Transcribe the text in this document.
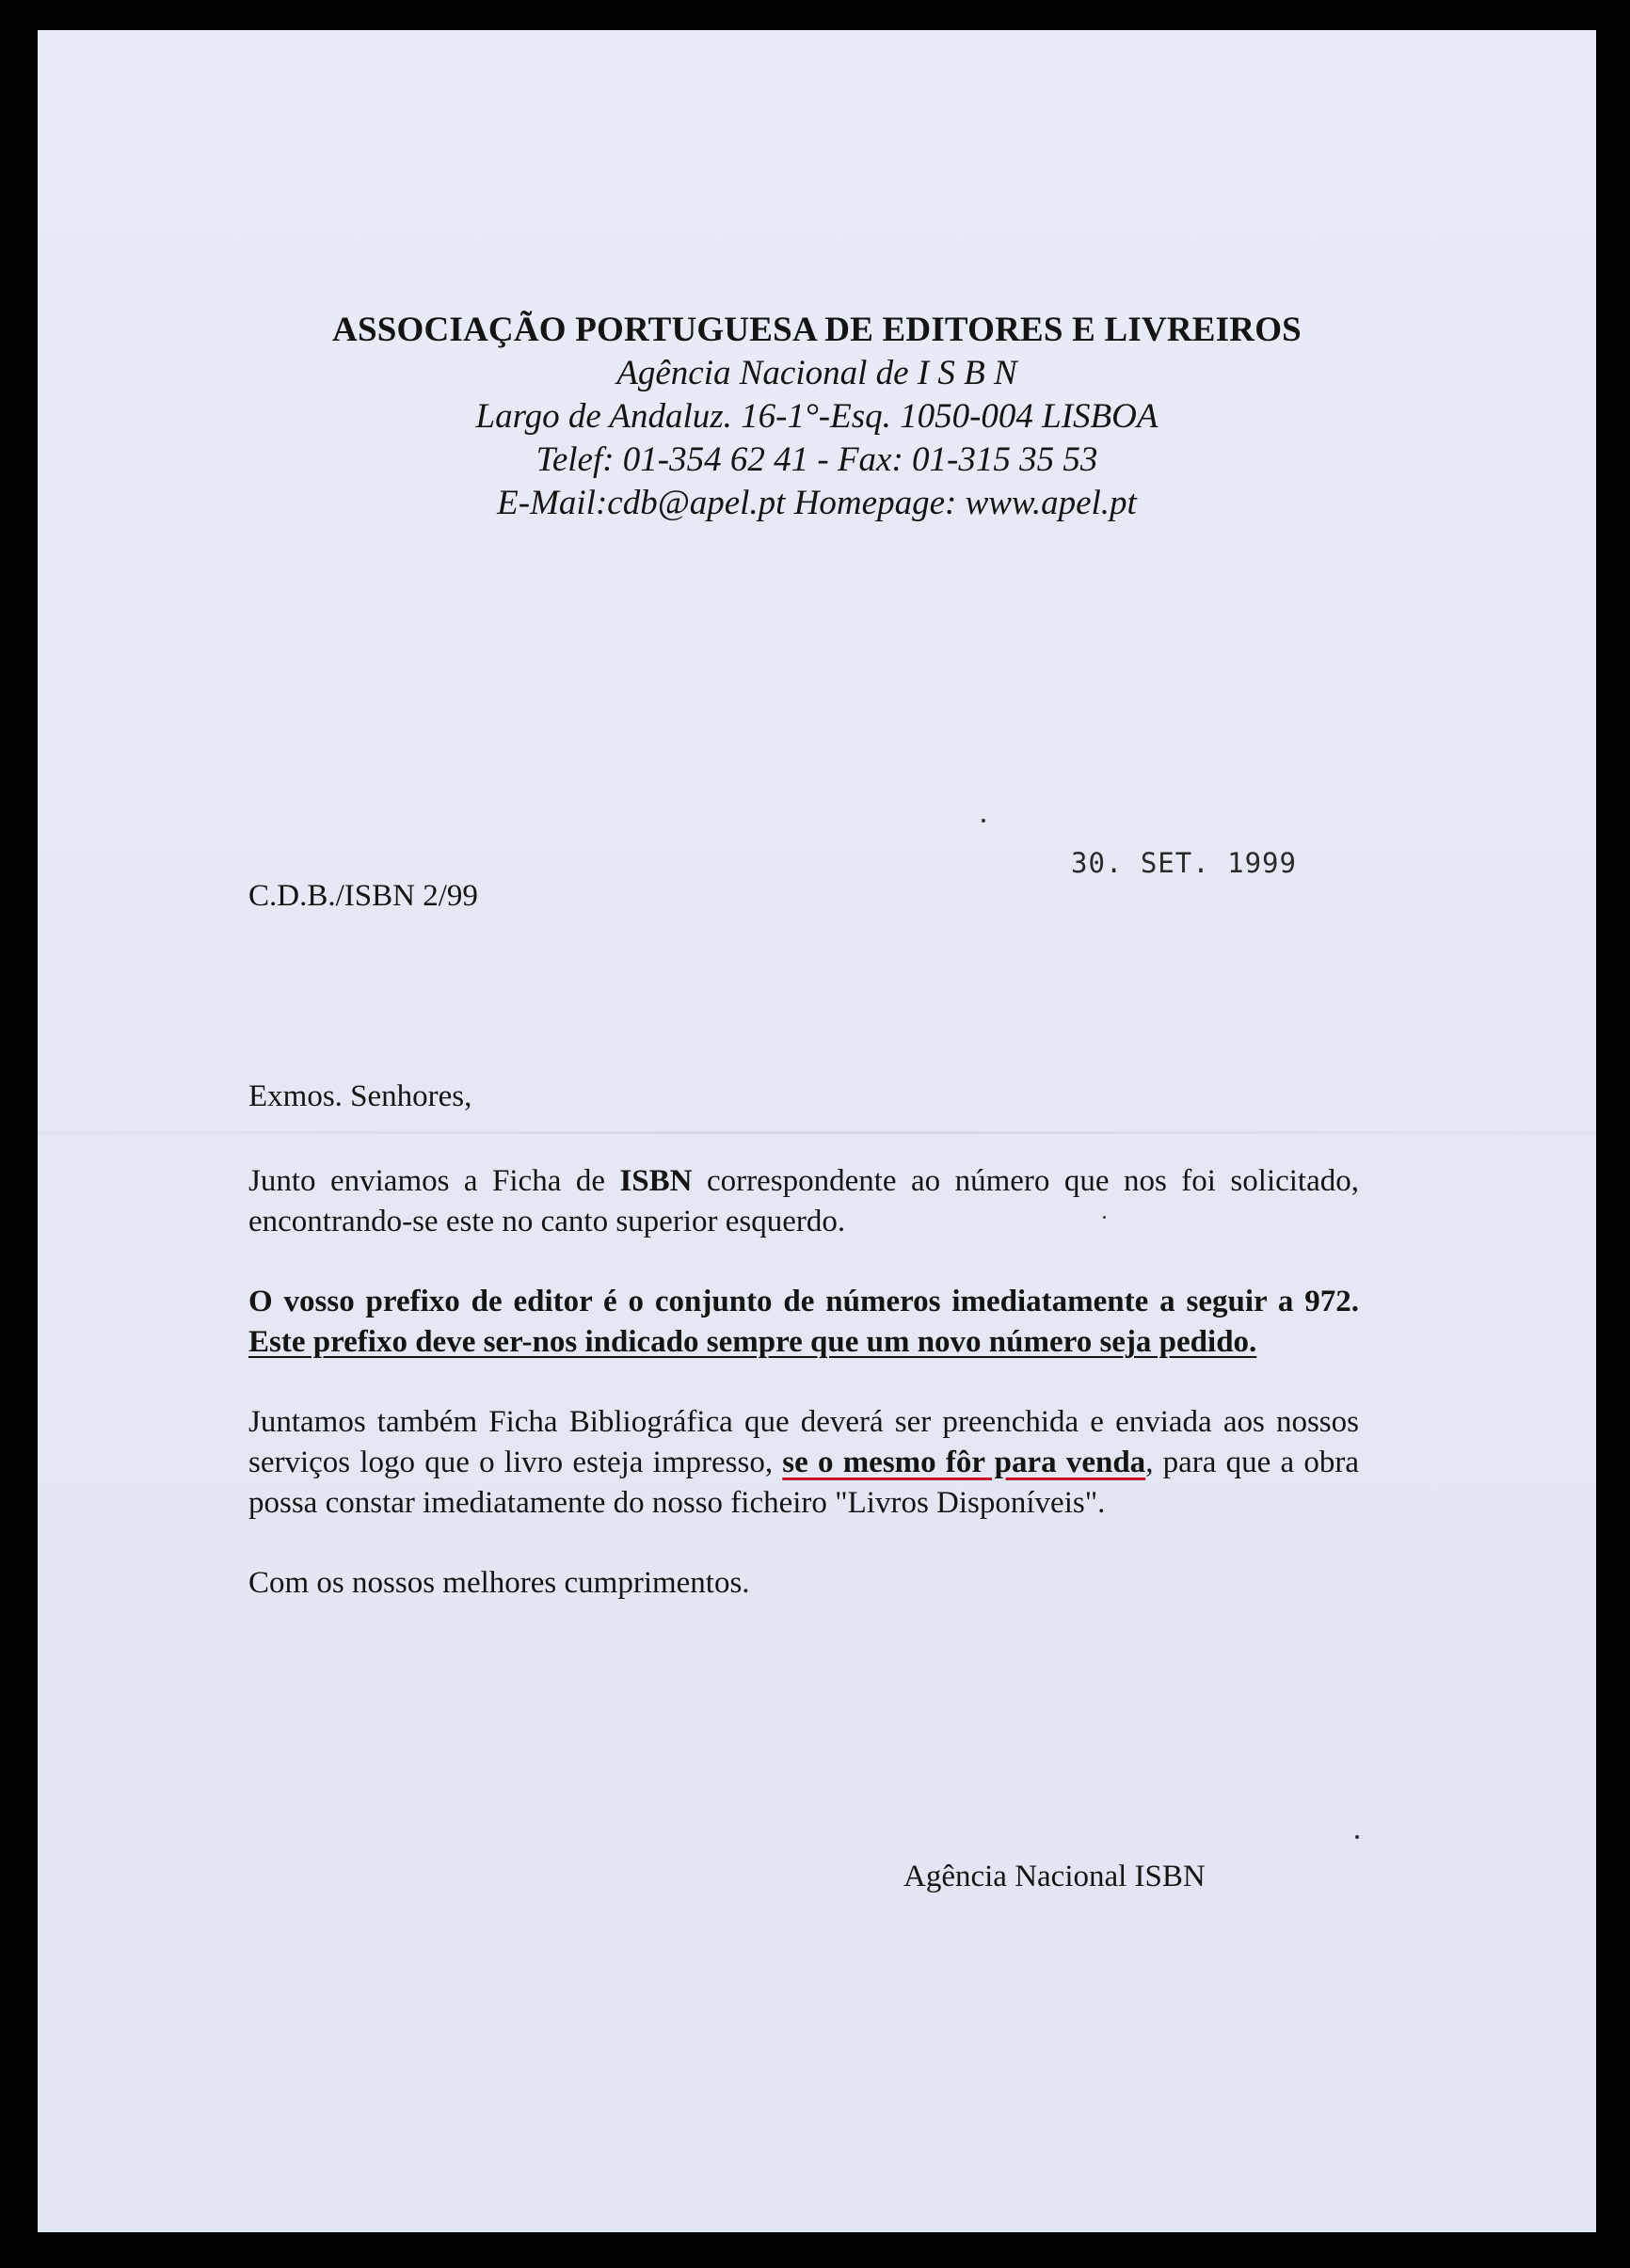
ASSOCIAÇÃO PORTUGUESA DE EDITORES E LIVREIROS
Agência Nacional de I S B N
Largo de Andaluz. 16-1°-Esq. 1050-004 LISBOA
Telef: 01-354 62 41 - Fax: 01-315 35 53
E-Mail:cdb@apel.pt Homepage: www.apel.pt
C.D.B./ISBN 2/99
30. SET. 1999
Exmos. Senhores,

Junto enviamos a Ficha de ISBN correspondente ao número que nos foi solicitado, encontrando-se este no canto superior esquerdo.

O vosso prefixo de editor é o conjunto de números imediatamente a seguir a 972. Este prefixo deve ser-nos indicado sempre que um novo número seja pedido.

Juntamos também Ficha Bibliográfica que deverá ser preenchida e enviada aos nossos serviços logo que o livro esteja impresso, se o mesmo fôr para venda, para que a obra possa constar imediatamente do nosso ficheiro "Livros Disponíveis".

Com os nossos melhores cumprimentos.

Agência Nacional ISBN
